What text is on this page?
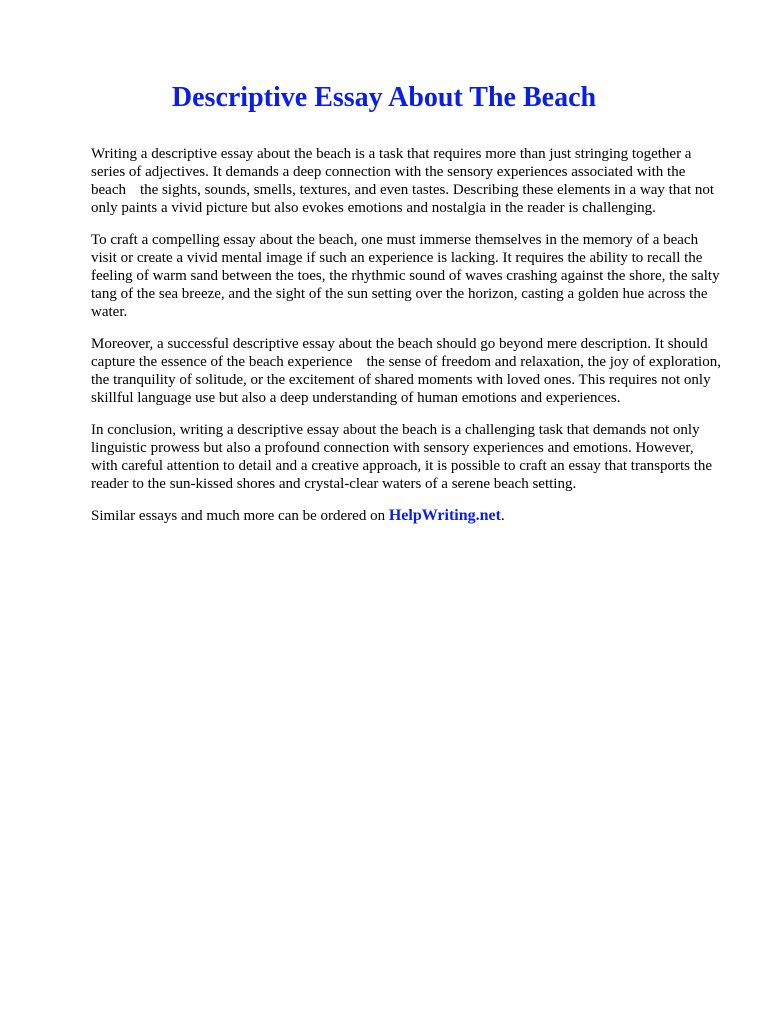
Descriptive Essay About The Beach

Writing a descriptive essay about the beach is a task that requires more than just stringing together a series of adjectives. It demands a deep connection with the sensory experiences associated with the beach the sights, sounds, smells, textures, and even tastes. Describing these elements in a way that not only paints a vivid picture but also evokes emotions and nostalgia in the reader is challenging.

To craft a compelling essay about the beach, one must immerse themselves in the memory of a beach visit or create a vivid mental image if such an experience is lacking. It requires the ability to recall the feeling of warm sand between the toes, the rhythmic sound of waves crashing against the shore, the salty tang of the sea breeze, and the sight of the sun setting over the horizon, casting a golden hue across the water.

Moreover, a successful descriptive essay about the beach should go beyond mere description. It should capture the essence of the beach experience the sense of freedom and relaxation, the joy of exploration, the tranquility of solitude, or the excitement of shared moments with loved ones. This requires not only skillful language use but also a deep understanding of human emotions and experiences.

In conclusion, writing a descriptive essay about the beach is a challenging task that demands not only linguistic prowess but also a profound connection with sensory experiences and emotions. However, with careful attention to detail and a creative approach, it is possible to craft an essay that transports the reader to the sun-kissed shores and crystal-clear waters of a serene beach setting.

Similar essays and much more can be ordered on HelpWriting.net.
